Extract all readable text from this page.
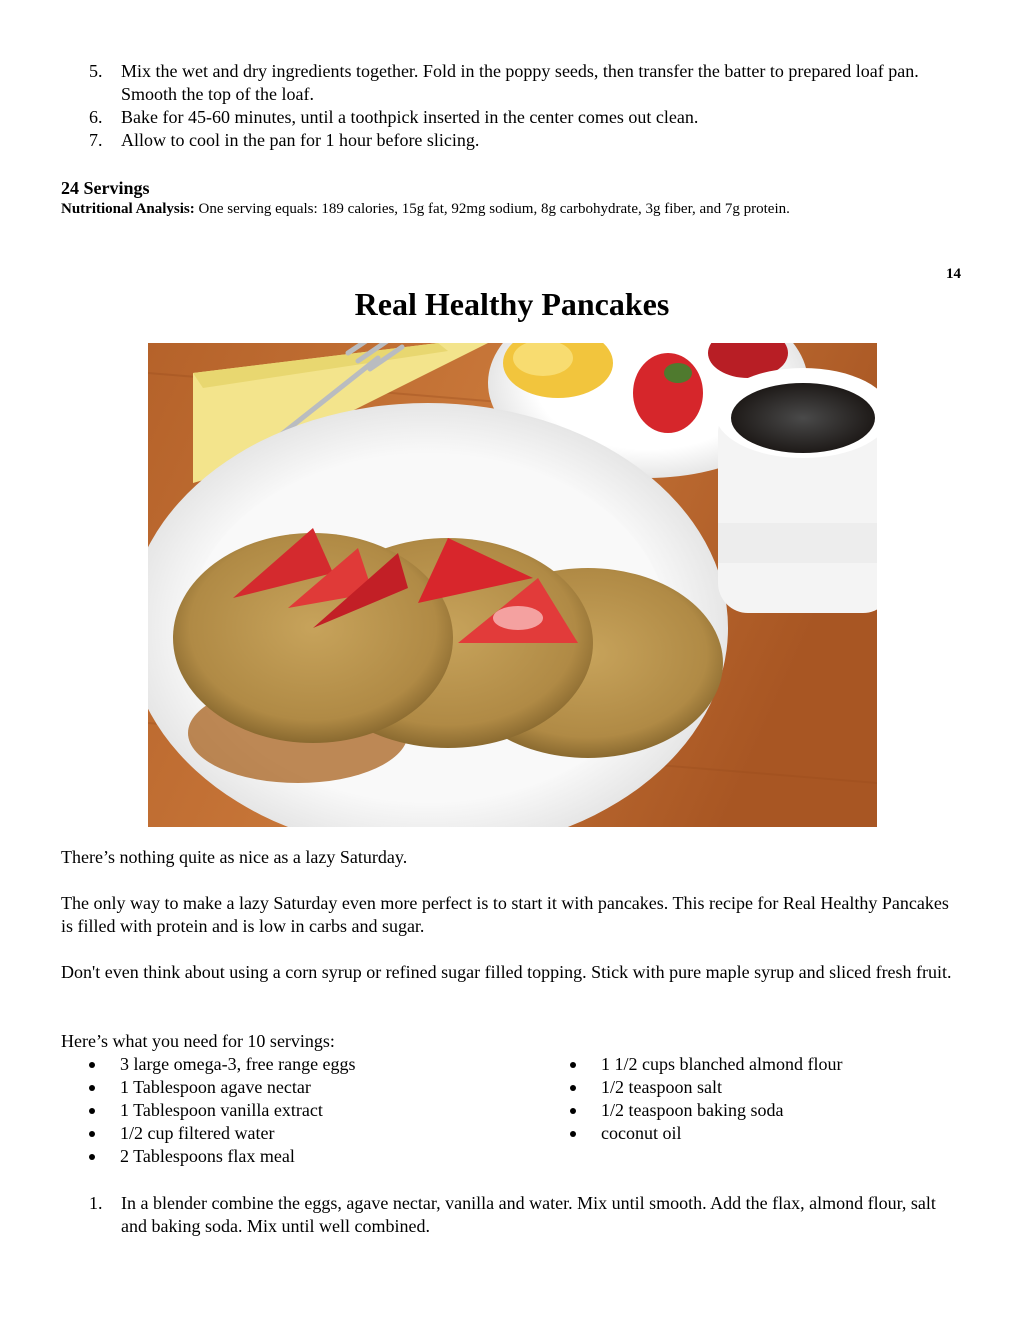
5.	Mix the wet and dry ingredients together. Fold in the poppy seeds, then transfer the batter to prepared loaf pan. Smooth the top of the loaf.
6.	Bake for 45-60 minutes, until a toothpick inserted in the center comes out clean.
7.	Allow to cool in the pan for 1 hour before slicing.
24 Servings
Nutritional Analysis: One serving equals: 189 calories, 15g fat, 92mg sodium, 8g carbohydrate, 3g fiber, and 7g protein.
14
Real Healthy Pancakes
There’s nothing quite as nice as a lazy Saturday.
The only way to make a lazy Saturday even more perfect is to start it with pancakes. This recipe for Real Healthy Pancakes is filled with protein and is low in carbs and sugar.
Don't even think about using a corn syrup or refined sugar filled topping. Stick with pure maple syrup and sliced fresh fruit.
Here’s what you need for 10 servings:
3 large omega-3, free range eggs
1 Tablespoon agave nectar
1 Tablespoon vanilla extract
1/2 cup filtered water
2 Tablespoons flax meal
1 1/2 cups blanched almond flour
1/2 teaspoon salt
1/2 teaspoon baking soda
coconut oil
1.	In a blender combine the eggs, agave nectar, vanilla and water. Mix until smooth. Add the flax, almond flour, salt and baking soda. Mix until well combined.
